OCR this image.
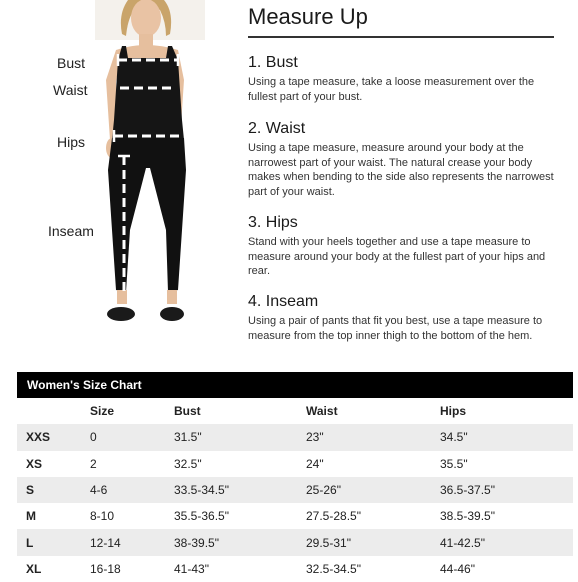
Bust
Waist
Hips
Inseam
Measure Up
1. Bust

Using a tape measure, take a loose measurement over the fullest part of your bust.

2. Waist

Using a tape measure, measure around your body at the narrowest part of your waist. The natural crease your body makes when bending to the side also represents the narrowest part of your waist.

3. Hips

Stand with your heels together and use a tape measure to measure around your body at the fullest part of your hips and rear.

4. Inseam

Using a pair of pants that fit you best, use a tape measure to measure from the top inner thigh to the bottom of the hem.

Women's Size Chart
	Size	Bust	Waist	Hips
XXS	0	31.5"	23"	34.5"
XS	2	32.5"	24"	35.5"
S	4-6	33.5-34.5"	25-26"	36.5-37.5"
M	8-10	35.5-36.5"	27.5-28.5"	38.5-39.5"
L	12-14	38-39.5"	29.5-31"	41-42.5"
XL	16-18	41-43"	32.5-34.5"	44-46"
